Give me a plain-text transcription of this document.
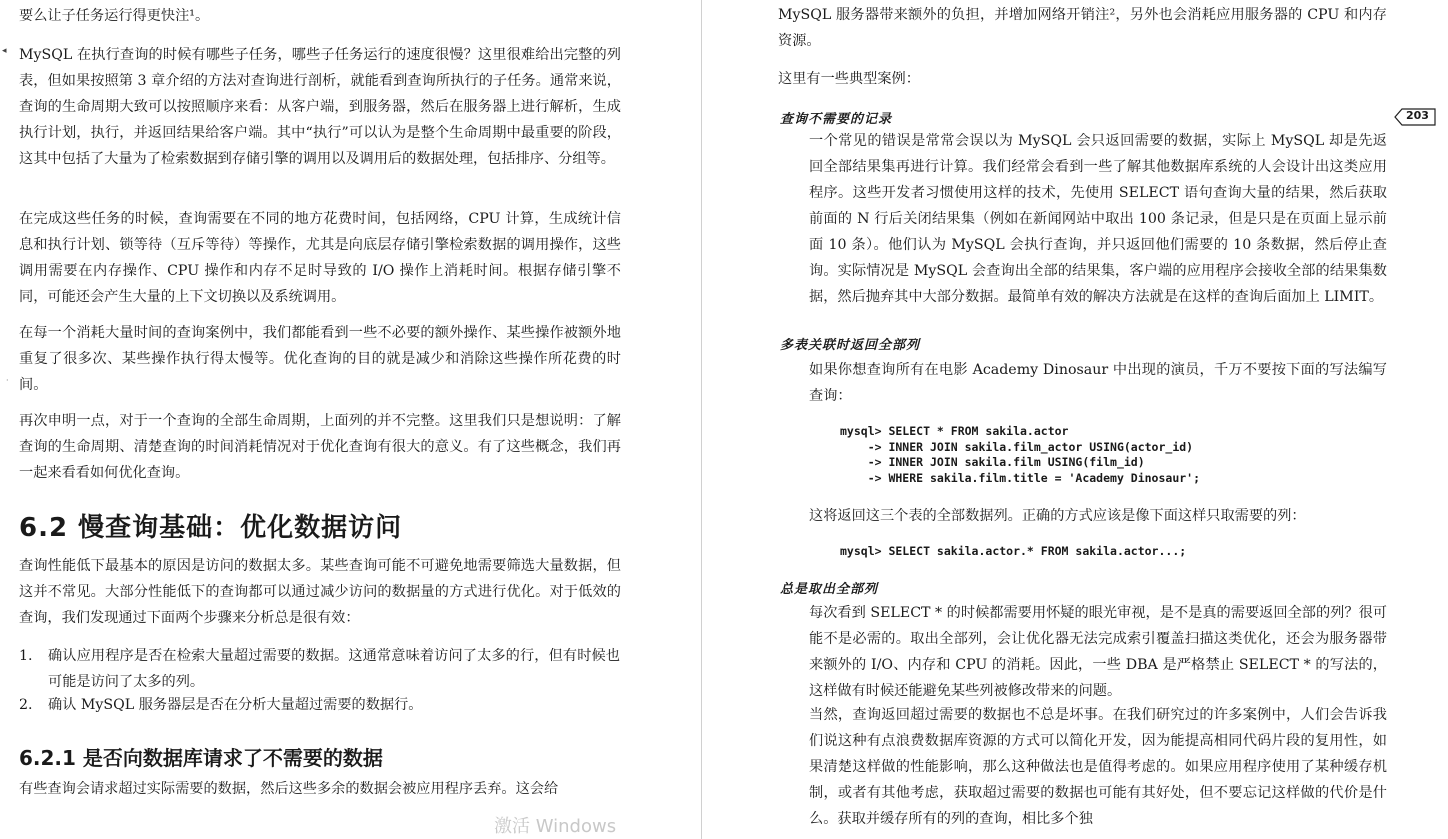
要么让子任务运行得更快注¹。

◂ MySQL 在执行查询的时候有哪些子任务，哪些子任务运行的速度很慢？这里很难给出完整的列表，但如果按照第 3 章介绍的方法对查询进行剖析，就能看到查询所执行的子任务。通常来说，查询的生命周期大致可以按照顺序来看：从客户端，到服务器，然后在服务器上进行解析，生成执行计划，执行，并返回结果给客户端。其中“执行”可以认为是整个生命周期中最重要的阶段，这其中包括了大量为了检索数据到存储引擎的调用以及调用后的数据处理，包括排序、分组等。

在完成这些任务的时候，查询需要在不同的地方花费时间，包括网络，CPU 计算，生成统计信息和执行计划、锁等待（互斥等待）等操作，尤其是向底层存储引擎检索数据的调用操作，这些调用需要在内存操作、CPU 操作和内存不足时导致的 I/O 操作上消耗时间。根据存储引擎不同，可能还会产生大量的上下文切换以及系统调用。

在每一个消耗大量时间的查询案例中，我们都能看到一些不必要的额外操作、某些操作被额外地重复了很多次、某些操作执行得太慢等。优化查询的目的就是减少和消除这些操作所花费的时间。

·

再次申明一点，对于一个查询的全部生命周期，上面列的并不完整。这里我们只是想说明：了解查询的生命周期、清楚查询的时间消耗情况对于优化查询有很大的意义。有了这些概念，我们再一起来看看如何优化查询。

6.2 慢查询基础：优化数据访问

查询性能低下最基本的原因是访问的数据太多。某些查询可能不可避免地需要筛选大量数据，但这并不常见。大部分性能低下的查询都可以通过减少访问的数据量的方式进行优化。对于低效的查询，我们发现通过下面两个步骤来分析总是很有效：

1.	确认应用程序是否在检索大量超过需要的数据。这通常意味着访问了太多的行，但有时候也可能是访问了太多的列。
2.	确认 MySQL 服务器层是否在分析大量超过需要的数据行。
6.2.1 是否向数据库请求了不需要的数据

有些查询会请求超过实际需要的数据，然后这些多余的数据会被应用程序丢弃。这会给

MySQL 服务器带来额外的负担，并增加网络开销注²，另外也会消耗应用服务器的 CPU 和内存资源。

这里有一些典型案例：

查询不需要的记录	203

一个常见的错误是常常会误以为 MySQL 会只返回需要的数据，实际上 MySQL 却是先返回全部结果集再进行计算。我们经常会看到一些了解其他数据库系统的人会设计出这类应用程序。这些开发者习惯使用这样的技术，先使用 SELECT 语句查询大量的结果，然后获取前面的 N 行后关闭结果集（例如在新闻网站中取出 100 条记录，但是只是在页面上显示前面 10 条）。他们认为 MySQL 会执行查询，并只返回他们需要的 10 条数据，然后停止查询。实际情况是 MySQL 会查询出全部的结果集，客户端的应用程序会接收全部的结果集数据，然后抛弃其中大部分数据。最简单有效的解决方法就是在这样的查询后面加上 LIMIT。

多表关联时返回全部列

如果你想查询所有在电影 Academy Dinosaur 中出现的演员，千万不要按下面的写法编写查询：

mysql> SELECT * FROM sakila.actor
-> INNER JOIN sakila.film_actor USING(actor_id)
-> INNER JOIN sakila.film USING(film_id)
-> WHERE sakila.film.title = 'Academy Dinosaur';

这将返回这三个表的全部数据列。正确的方式应该是像下面这样只取需要的列：

mysql> SELECT sakila.actor.* FROM sakila.actor...;

总是取出全部列

每次看到 SELECT * 的时候都需要用怀疑的眼光审视，是不是真的需要返回全部的列？很可能不是必需的。取出全部列，会让优化器无法完成索引覆盖扫描这类优化，还会为服务器带来额外的 I/O、内存和 CPU 的消耗。因此，一些 DBA 是严格禁止 SELECT * 的写法的，这样做有时候还能避免某些列被修改带来的问题。

当然，查询返回超过需要的数据也不总是坏事。在我们研究过的许多案例中，人们会告诉我们说这种有点浪费数据库资源的方式可以简化开发，因为能提高相同代码片段的复用性，如果清楚这样做的性能影响，那么这种做法也是值得考虑的。如果应用程序使用了某种缓存机制，或者有其他考虑，获取超过需要的数据也可能有其好处，但不要忘记这样做的代价是什么。获取并缓存所有的列的查询，相比多个独

激活 Windows
